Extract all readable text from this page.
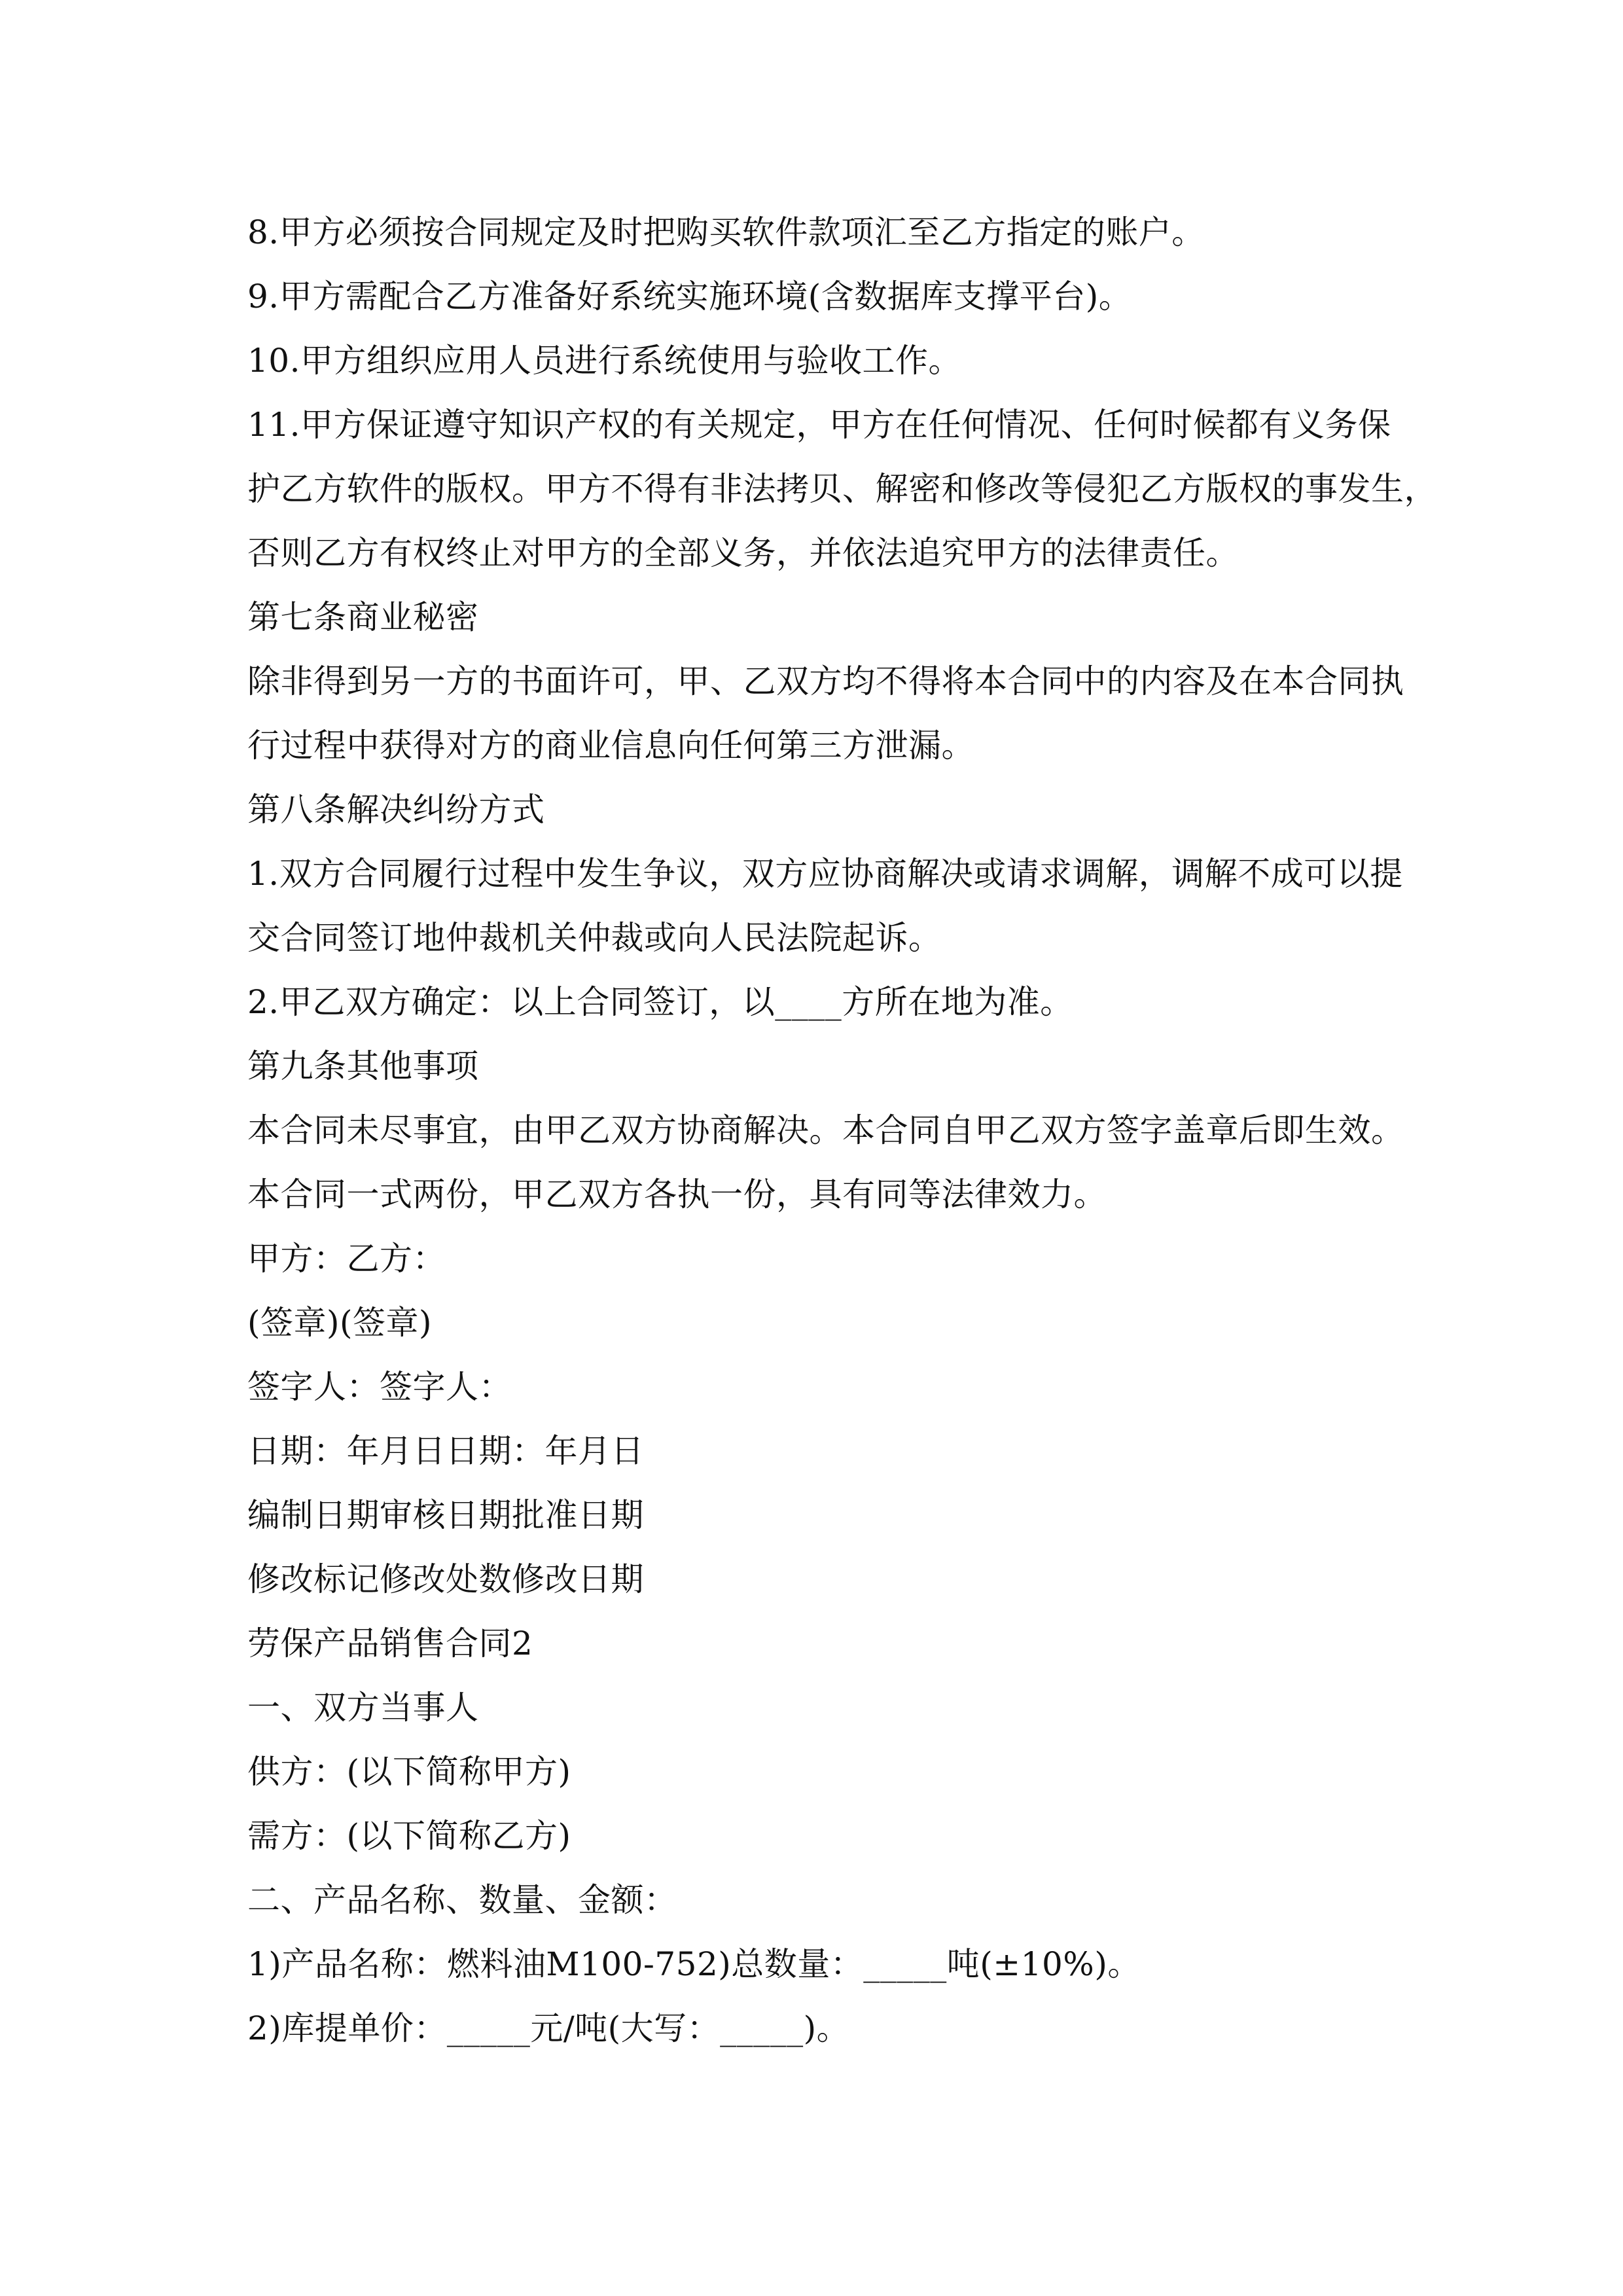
8.甲方必须按合同规定及时把购买软件款项汇至乙方指定的账户。
9.甲方需配合乙方准备好系统实施环境(含数据库支撑平台)。
10.甲方组织应用人员进行系统使用与验收工作。
11.甲方保证遵守知识产权的有关规定，甲方在任何情况、任何时候都有义务保
护乙方软件的版权。甲方不得有非法拷贝、解密和修改等侵犯乙方版权的事发生，
否则乙方有权终止对甲方的全部义务，并依法追究甲方的法律责任。
第七条商业秘密
除非得到另一方的书面许可，甲、乙双方均不得将本合同中的内容及在本合同执
行过程中获得对方的商业信息向任何第三方泄漏。
第八条解决纠纷方式
1.双方合同履行过程中发生争议，双方应协商解决或请求调解，调解不成可以提
交合同签订地仲裁机关仲裁或向人民法院起诉。
2.甲乙双方确定：以上合同签订，以____方所在地为准。
第九条其他事项
本合同未尽事宜，由甲乙双方协商解决。本合同自甲乙双方签字盖章后即生效。
本合同一式两份，甲乙双方各执一份，具有同等法律效力。
甲方：乙方：
(签章)(签章)
签字人：签字人：
日期：年月日日期：年月日
编制日期审核日期批准日期
修改标记修改处数修改日期
劳保产品销售合同2
一、双方当事人
供方：(以下简称甲方)
需方：(以下简称乙方)
二、产品名称、数量、金额：
1)产品名称：燃料油M100-752)总数量：_____吨(±10%)。
2)库提单价：_____元/吨(大写：_____)。
